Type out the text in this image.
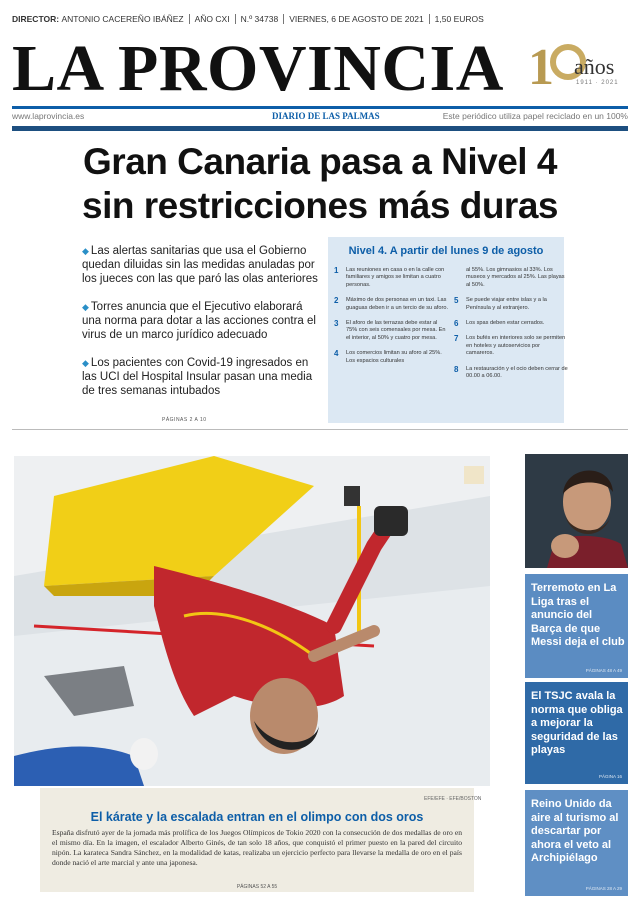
DIRECTOR:
ANTONIO CACEREÑO IBÁÑEZ AÑO CXI N.º 34738 VIERNES, 6 DE AGOSTO DE 2021 1,50 EUROS
LA PROVINCIA 1 años
1911 · 2021
www.laprovincia.es	DIARIO DE LAS PALMAS	Este periódico utiliza papel reciclado en un 100%
Gran Canaria pasa a Nivel 4
sin restricciones más duras

◆ Las alertas sanitarias que usa el Gobierno quedan diluidas sin las medidas anuladas por los jueces con las que paró las olas anteriores

◆ Torres anuncia que el Ejecutivo elaborará una norma para dotar a las acciones contra el virus de un marco jurídico adecuado

◆ Los pacientes con Covid-19 ingresados en las UCI del Hospital Insular pasan una media de tres semanas intubados

PÁGINAS 2 A 10
Nivel 4. A partir del lunes 9 de agosto
1 Las reuniones en casa o en la calle con familiares y amigos se limitan a cuatro personas.
2 Máximo de dos personas en un taxi. Las guaguas deben ir a un tercio de su aforo.
3 El aforo de las terrazas debe estar al 75% con seis comensales por mesa. En el interior, al 50% y cuatro por mesa.
4 Los comercios limitan su aforo al 25%. Los espacios culturales
al 55%. Los gimnasios al 33%. Los museos y mercados al 25%. Las playas al 50%.
5 Se puede viajar entre islas y a la Península y al extranjero.
6 Los spas deben estar cerrados.
7 Los bufés en interiores solo se permiten en hoteles y autoservicios por camareros.
8 La restauración y el ocio deben cerrar de 00.00 a 06.00.
El kárate y la escalada entran en el olimpo con dos oros
España disfrutó ayer de la jornada más prolífica de los Juegos Olímpicos de Tokio 2020 con la consecución de dos medallas de oro en el mismo día. En la imagen, el escalador Alberto Ginés, de tan solo 18 años, que conquistó el primer puesto en la pared del circuito nipón. La karateca Sandra Sánchez, en la modalidad de katas, realizaba un ejercicio perfecto para llevarse la medalla de oro en el país donde nació el arte marcial y ante una japonesa.
PÁGINAS 52 A 55
EFE/EFE · EFE/BOSTON
Terremoto en La Liga tras el anuncio del Barça de que Messi deja el club
PÁGINAS 48 A 49
El TSJC avala la norma que obliga a mejorar la seguridad de las playas
PÁGINA 16
Reino Unido da aire al turismo al descartar por ahora el veto al Archipiélago
PÁGINAS 28 A 29
